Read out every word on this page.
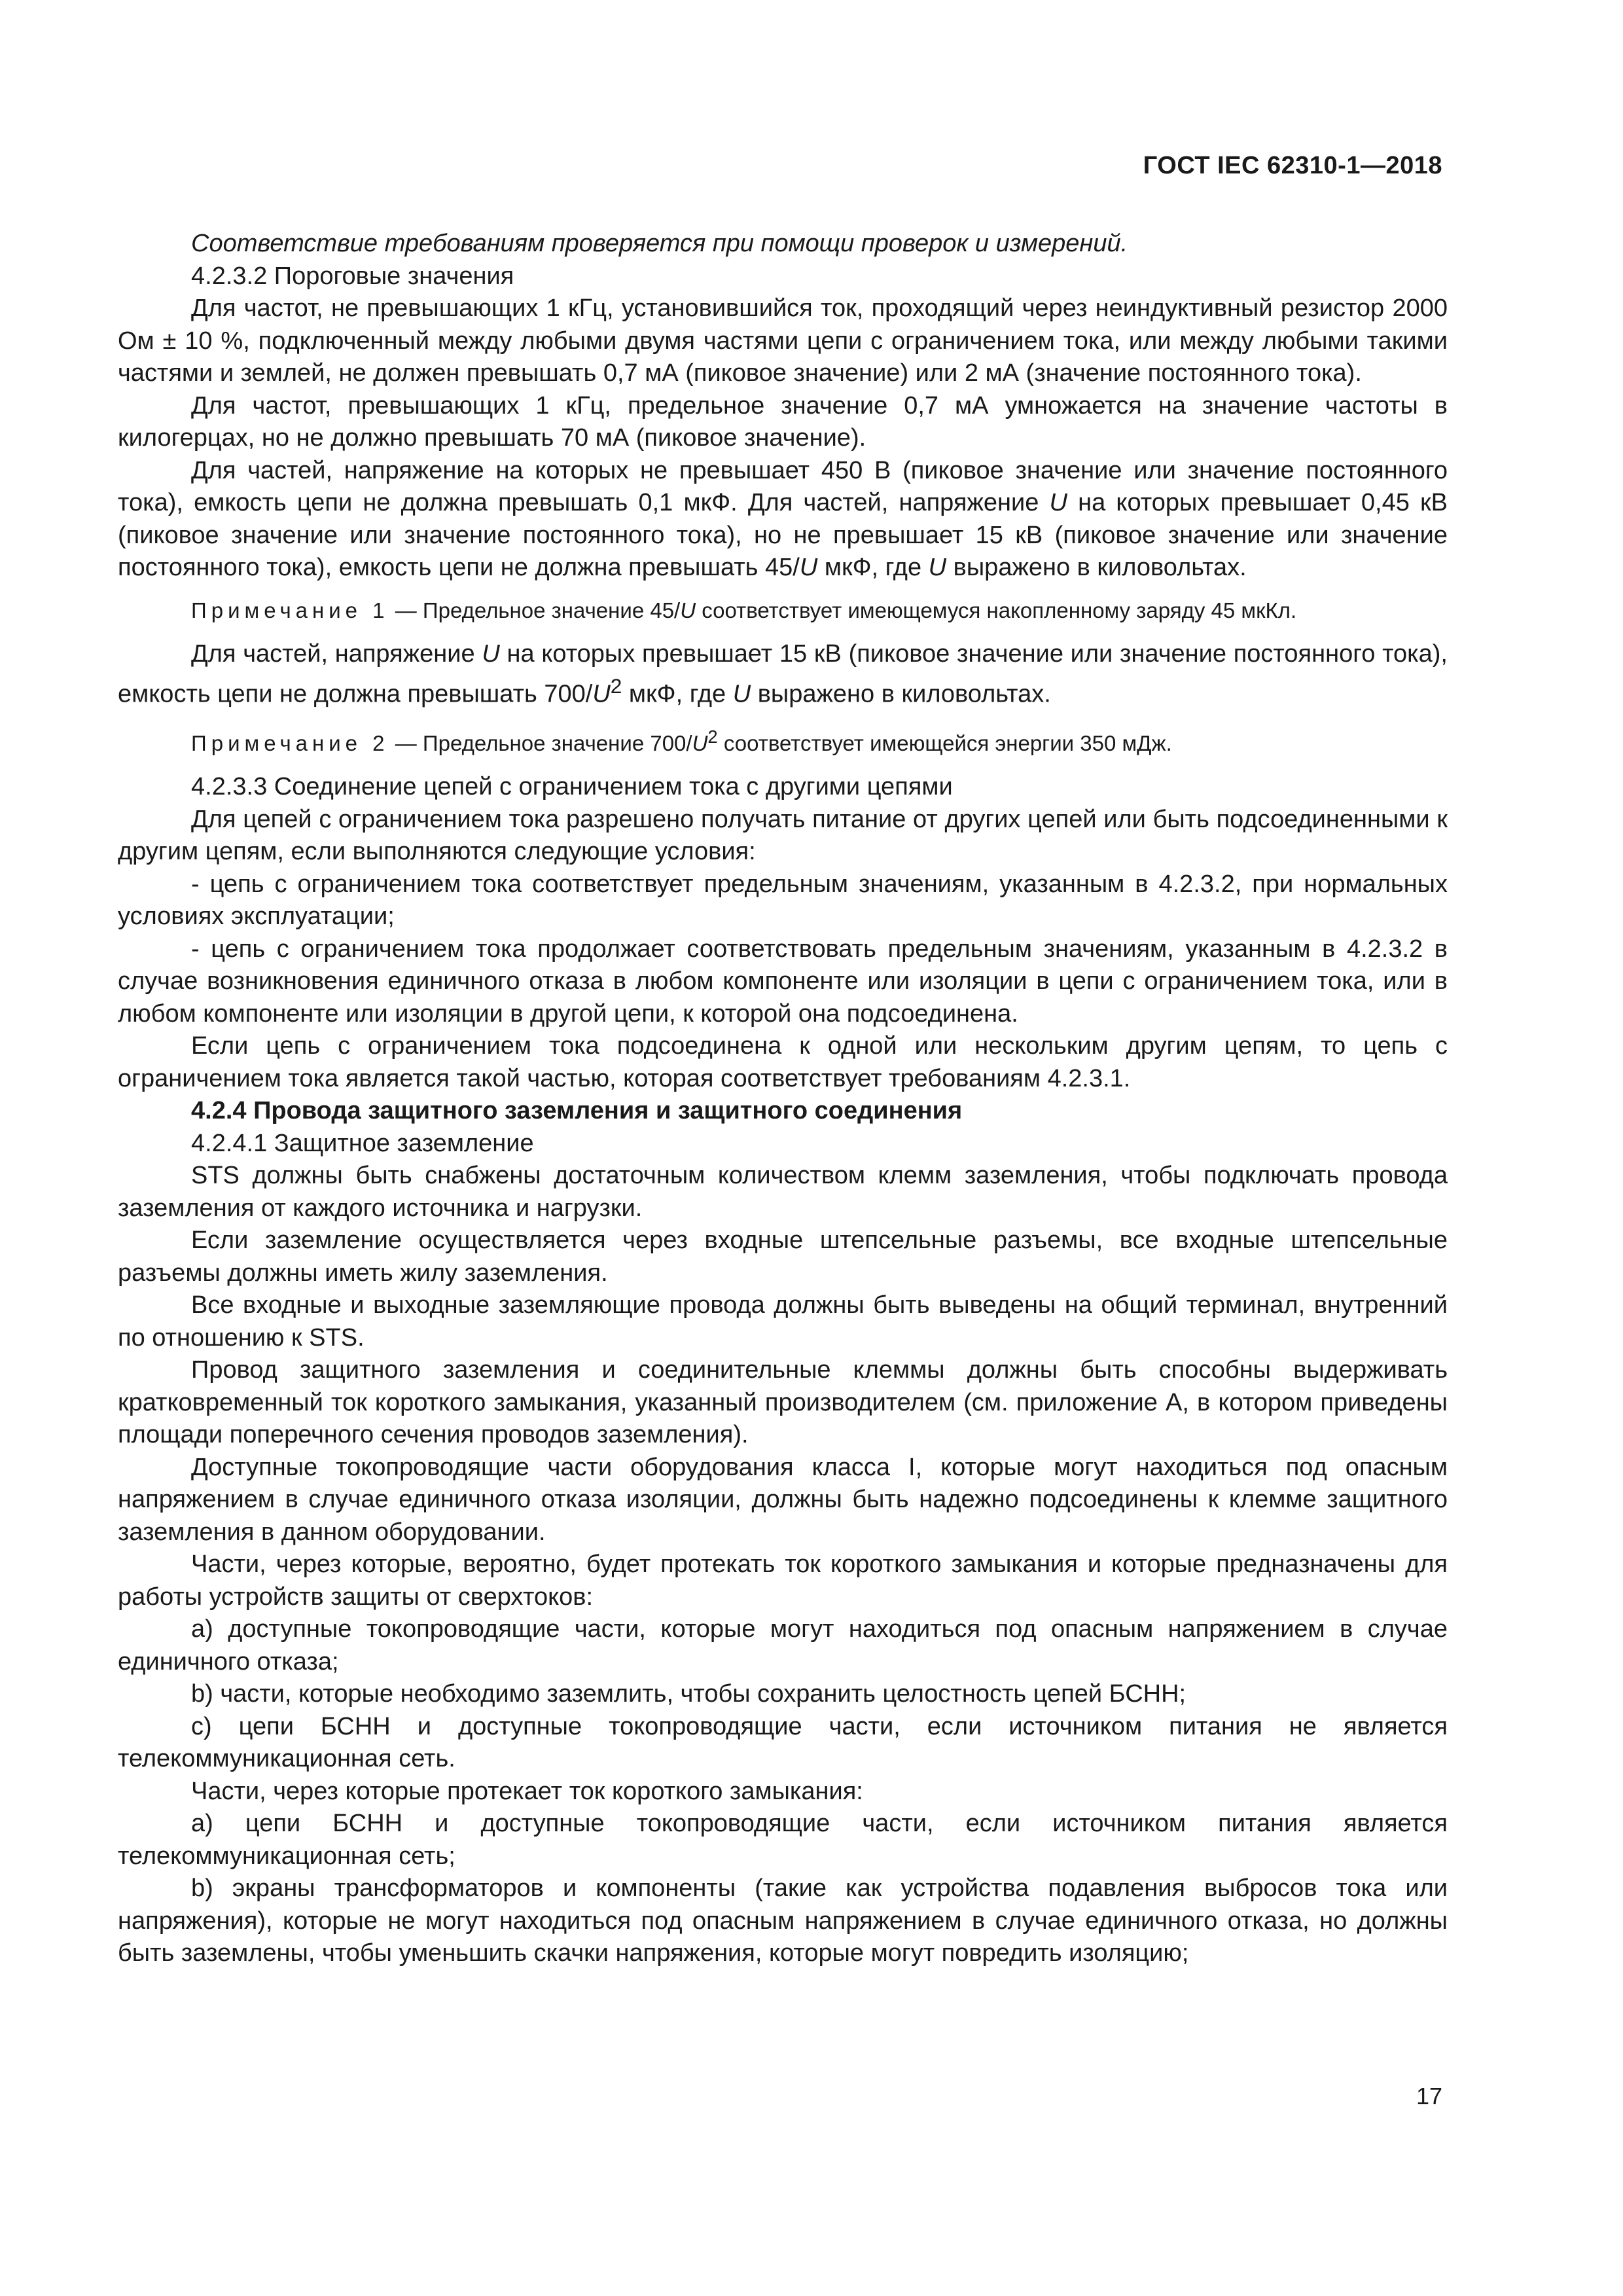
ГОСТ IEC 62310-1—2018

Соответствие требованиям проверяется при помощи проверок и измерений.

4.2.3.2 Пороговые значения

Для частот, не превышающих 1 кГц, установившийся ток, проходящий через неиндуктивный резистор 2000 Ом ± 10 %, подключенный между любыми двумя частями цепи с ограничением тока, или между любыми такими частями и землей, не должен превышать 0,7 мА (пиковое значение) или 2 мА (значение постоянного тока).

Для частот, превышающих 1 кГц, предельное значение 0,7 мА умножается на значение частоты в килогерцах, но не должно превышать 70 мА (пиковое значение).

Для частей, напряжение на которых не превышает 450 В (пиковое значение или значение постоянного тока), емкость цепи не должна превышать 0,1 мкФ. Для частей, напряжение U на которых превышает 0,45 кВ (пиковое значение или значение постоянного тока), но не превышает 15 кВ (пиковое значение или значение постоянного тока), емкость цепи не должна превышать 45/U мкФ, где U выражено в киловольтах.

Примечание 1 — Предельное значение 45/U соответствует имеющемуся накопленному заряду 45 мкКл.

Для частей, напряжение U на которых превышает 15 кВ (пиковое значение или значение постоянного тока), емкость цепи не должна превышать $700/U^2$ мкФ, где U выражено в киловольтах.

Примечание 2 — Предельное значение $700/U^2$ соответствует имеющейся энергии 350 мДж.

4.2.3.3 Соединение цепей с ограничением тока с другими цепями

Для цепей с ограничением тока разрешено получать питание от других цепей или быть подсоединенными к другим цепям, если выполняются следующие условия:

- цепь с ограничением тока соответствует предельным значениям, указанным в 4.2.3.2, при нормальных условиях эксплуатации;

- цепь с ограничением тока продолжает соответствовать предельным значениям, указанным в 4.2.3.2 в случае возникновения единичного отказа в любом компоненте или изоляции в цепи с ограничением тока, или в любом компоненте или изоляции в другой цепи, к которой она подсоединена.

Если цепь с ограничением тока подсоединена к одной или нескольким другим цепям, то цепь с ограничением тока является такой частью, которая соответствует требованиям 4.2.3.1.

4.2.4 Провода защитного заземления и защитного соединения

4.2.4.1 Защитное заземление

STS должны быть снабжены достаточным количеством клемм заземления, чтобы подключать провода заземления от каждого источника и нагрузки.

Если заземление осуществляется через входные штепсельные разъемы, все входные штепсельные разъемы должны иметь жилу заземления.

Все входные и выходные заземляющие провода должны быть выведены на общий терминал, внутренний по отношению к STS.

Провод защитного заземления и соединительные клеммы должны быть способны выдерживать кратковременный ток короткого замыкания, указанный производителем (см. приложение А, в котором приведены площади поперечного сечения проводов заземления).

Доступные токопроводящие части оборудования класса I, которые могут находиться под опасным напряжением в случае единичного отказа изоляции, должны быть надежно подсоединены к клемме защитного заземления в данном оборудовании.

Части, через которые, вероятно, будет протекать ток короткого замыкания и которые предназначены для работы устройств защиты от сверхтоков:

а) доступные токопроводящие части, которые могут находиться под опасным напряжением в случае единичного отказа;

b) части, которые необходимо заземлить, чтобы сохранить целостность цепей БСНН;

c) цепи БСНН и доступные токопроводящие части, если источником питания не является телекоммуникационная сеть.

Части, через которые протекает ток короткого замыкания:

а) цепи БСНН и доступные токопроводящие части, если источником питания является телекоммуникационная сеть;

b) экраны трансформаторов и компоненты (такие как устройства подавления выбросов тока или напряжения), которые не могут находиться под опасным напряжением в случае единичного отказа, но должны быть заземлены, чтобы уменьшить скачки напряжения, которые могут повредить изоляцию;

17
